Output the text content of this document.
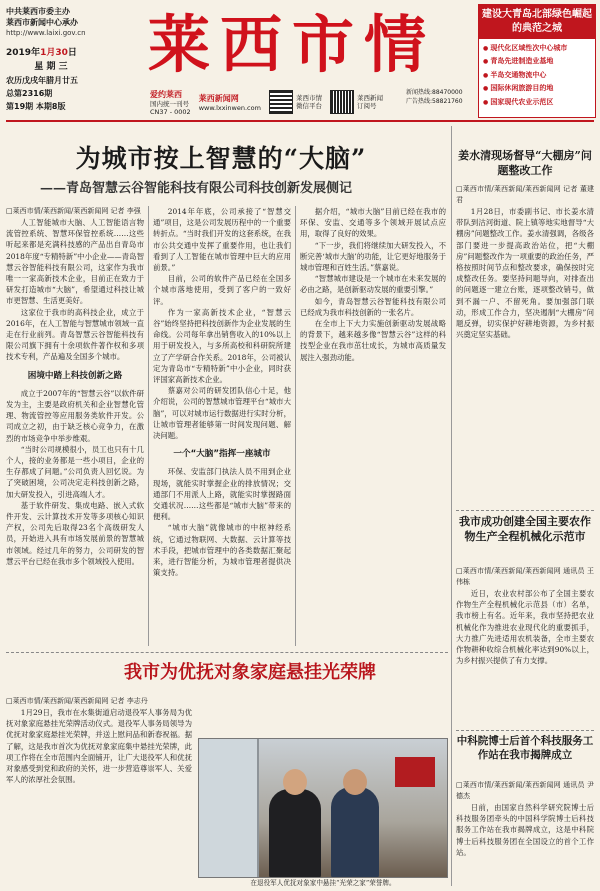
中共莱西市委主办
莱西市新闻中心承办
http://www.laixi.gov.cn
2019年1月30日
星 期 三
农历戊戌年腊月廿五
总第2316期
第19期 本期8版
莱西市情
爱约莱西
国内统一刊号
CN37 - 0002
莱西新闻网
www.lxxinwen.com
莱西市情
微信平台
莱西新闻
订阅号
新闻热线:88470000
广告热线:58821760
建设大青岛北部绿色崛起的典范之城
● 现代化区域性次中心城市
● 青岛先进制造业基地
● 半岛交通物流中心
● 国际休闲旅游目的地
● 国家现代农业示范区
为城市按上智慧的“大脑”
——青岛智慧云谷智能科技有限公司科技创新发展侧记

□莱西市情/莱西新闻/莱西新闻网 记者 李强

人工智能城市大脑、人工智能语言物流管控系统、智慧环保管控系统……这些听起来都是充满科技感的产品出自青岛市2018年度“专精特新”中小企业——青岛智慧云谷智能科技有限公司，这家作为我市唯一一家高新技术企业，目前正在致力于研发打造城市“大脑”，希望通过科技让城市更智慧、生活更美好。

这家位于我市的高科技企业，成立于2016年，在人工智能与智慧城市领域一直走在行业前列。青岛智慧云谷智能科技有限公司旗下拥有十余项软件著作权和多项技术专利，产品遍及全国多个城市。

困境中踏上科技创新之路

成立于2007年的“智慧云谷”以软件研发为主，主要是政府机关和企业智慧化管理、物流管控等应用服务类软件开发。公司成立之初，由于缺乏核心竞争力，在激烈的市场竞争中举步维艰。

“当时公司规模很小，员工也只有十几个人，接的业务都是一些小项目，企业的生存都成了问题。”公司负责人回忆说。为了突破困境，公司决定走科技创新之路，加大研发投入，引进高端人才。

基于软件研发、集成电路、嵌入式软件开发、云计算技术开发等多项核心知识产权，公司先后取得23名个高级研发人员，开始进入具有市场发展前景的智慧城市领域。经过几年的努力，公司研发的智慧云平台已经在我市多个领域投入使用。

2014年年底，公司承接了“智慧交通”项目，这是公司发展历程中的一个重要转折点。“当时我们开发的这套系统，在我市公共交通中发挥了重要作用，也让我们看到了人工智能在城市管理中巨大的应用前景。”

目前，公司的软件产品已经在全国多个城市落地使用，受到了客户的一致好评。

作为一家高新技术企业，“智慧云谷”始终坚持把科技创新作为企业发展的生命线。公司每年拿出销售收入的10%以上用于研发投入，与多所高校和科研院所建立了产学研合作关系。2018年，公司被认定为青岛市“专精特新”中小企业，同时获评国家高新技术企业。

蔡嘉对公司的研发团队信心十足，他介绍说，公司的智慧城市管理平台“城市大脑”，可以对城市运行数据进行实时分析，让城市管理者能够第一时间发现问题、解决问题。

一个“大脑”指挥一座城市

环保、安监部门执法人员不用到企业现场，就能实时掌握企业的排放情况；交通部门不用派人上路，就能实时掌握路面交通状况……这些都是“城市大脑”带来的便利。

“城市大脑”就像城市的中枢神经系统，它通过物联网、大数据、云计算等技术手段，把城市管理中的各类数据汇聚起来，进行智能分析，为城市管理者提供决策支持。

据介绍，“城市大脑”目前已经在我市的环保、安监、交通等多个领域开展试点应用，取得了良好的效果。

“下一步，我们将继续加大研发投入，不断完善‘城市大脑’的功能，让它更好地服务于城市管理和百姓生活。”蔡嘉说。

“智慧城市建设是一个城市在未来发展的必由之路，是创新驱动发展的重要引擎。”

如今，青岛智慧云谷智能科技有限公司已经成为我市科技创新的一张名片。

在全市上下大力实施创新驱动发展战略的背景下，越来越多像“智慧云谷”这样的科技型企业在我市茁壮成长，为城市高质量发展注入强劲动能。

我市为优抚对象家庭悬挂光荣牌

□莱西市情/莱西新闻/莱西新闻网 记者 李志丹

1月29日，我市在水集街道启动退役军人事务局为优抚对象家庭悬挂光荣牌活动仪式。退役军人事务局领导为优抚对象家庭悬挂光荣牌，并送上慰问品和新春祝福。据了解，这是我市首次为优抚对象家庭集中悬挂光荣牌，此项工作将在全市范围内全面铺开，让广大退役军人和优抚对象感受到党和政府的关怀，进一步营造尊崇军人、关爱军人的浓厚社会氛围。

在退役军人优抚对象家中悬挂“光荣之家”荣誉牌。
姜水清现场督导“大棚房”问题整改工作

□莱西市情/莱西新闻/莱西新闻网 记者 董建君

1月28日，市委副书记、市长姜水清带队到沽河街道、院上镇等地实地督导“大棚房”问题整改工作。姜水清强调，各级各部门要进一步提高政治站位，把“大棚房”问题整改作为一项重要的政治任务，严格按照时间节点和整改要求，确保按时完成整改任务。要坚持问题导向，对排查出的问题逐一建立台账，逐项整改销号，做到不漏一户、不留死角。要加强部门联动，形成工作合力，坚决遏制“大棚房”问题反弹，切实保护好耕地资源，为乡村振兴奠定坚实基础。

我市成功创建全国主要农作物生产全程机械化示范市

□莱西市情/莱西新闻/莱西新闻网 通讯员 王伟栋

近日，农业农村部公布了全国主要农作物生产全程机械化示范县（市）名单，我市榜上有名。近年来，我市坚持把农业机械化作为推进农业现代化的重要抓手，大力推广先进适用农机装备，全市主要农作物耕种收综合机械化率达到90%以上，为乡村振兴提供了有力支撑。

中科院博士后首个科技服务工作站在我市揭牌成立

□莱西市情/莱西新闻/莱西新闻网 通讯员 尹德杰

日前，由国家自然科学研究院博士后科技服务团牵头的中国科学院博士后科技服务工作站在我市揭牌成立，这是中科院博士后科技服务团在全国设立的首个工作站。
